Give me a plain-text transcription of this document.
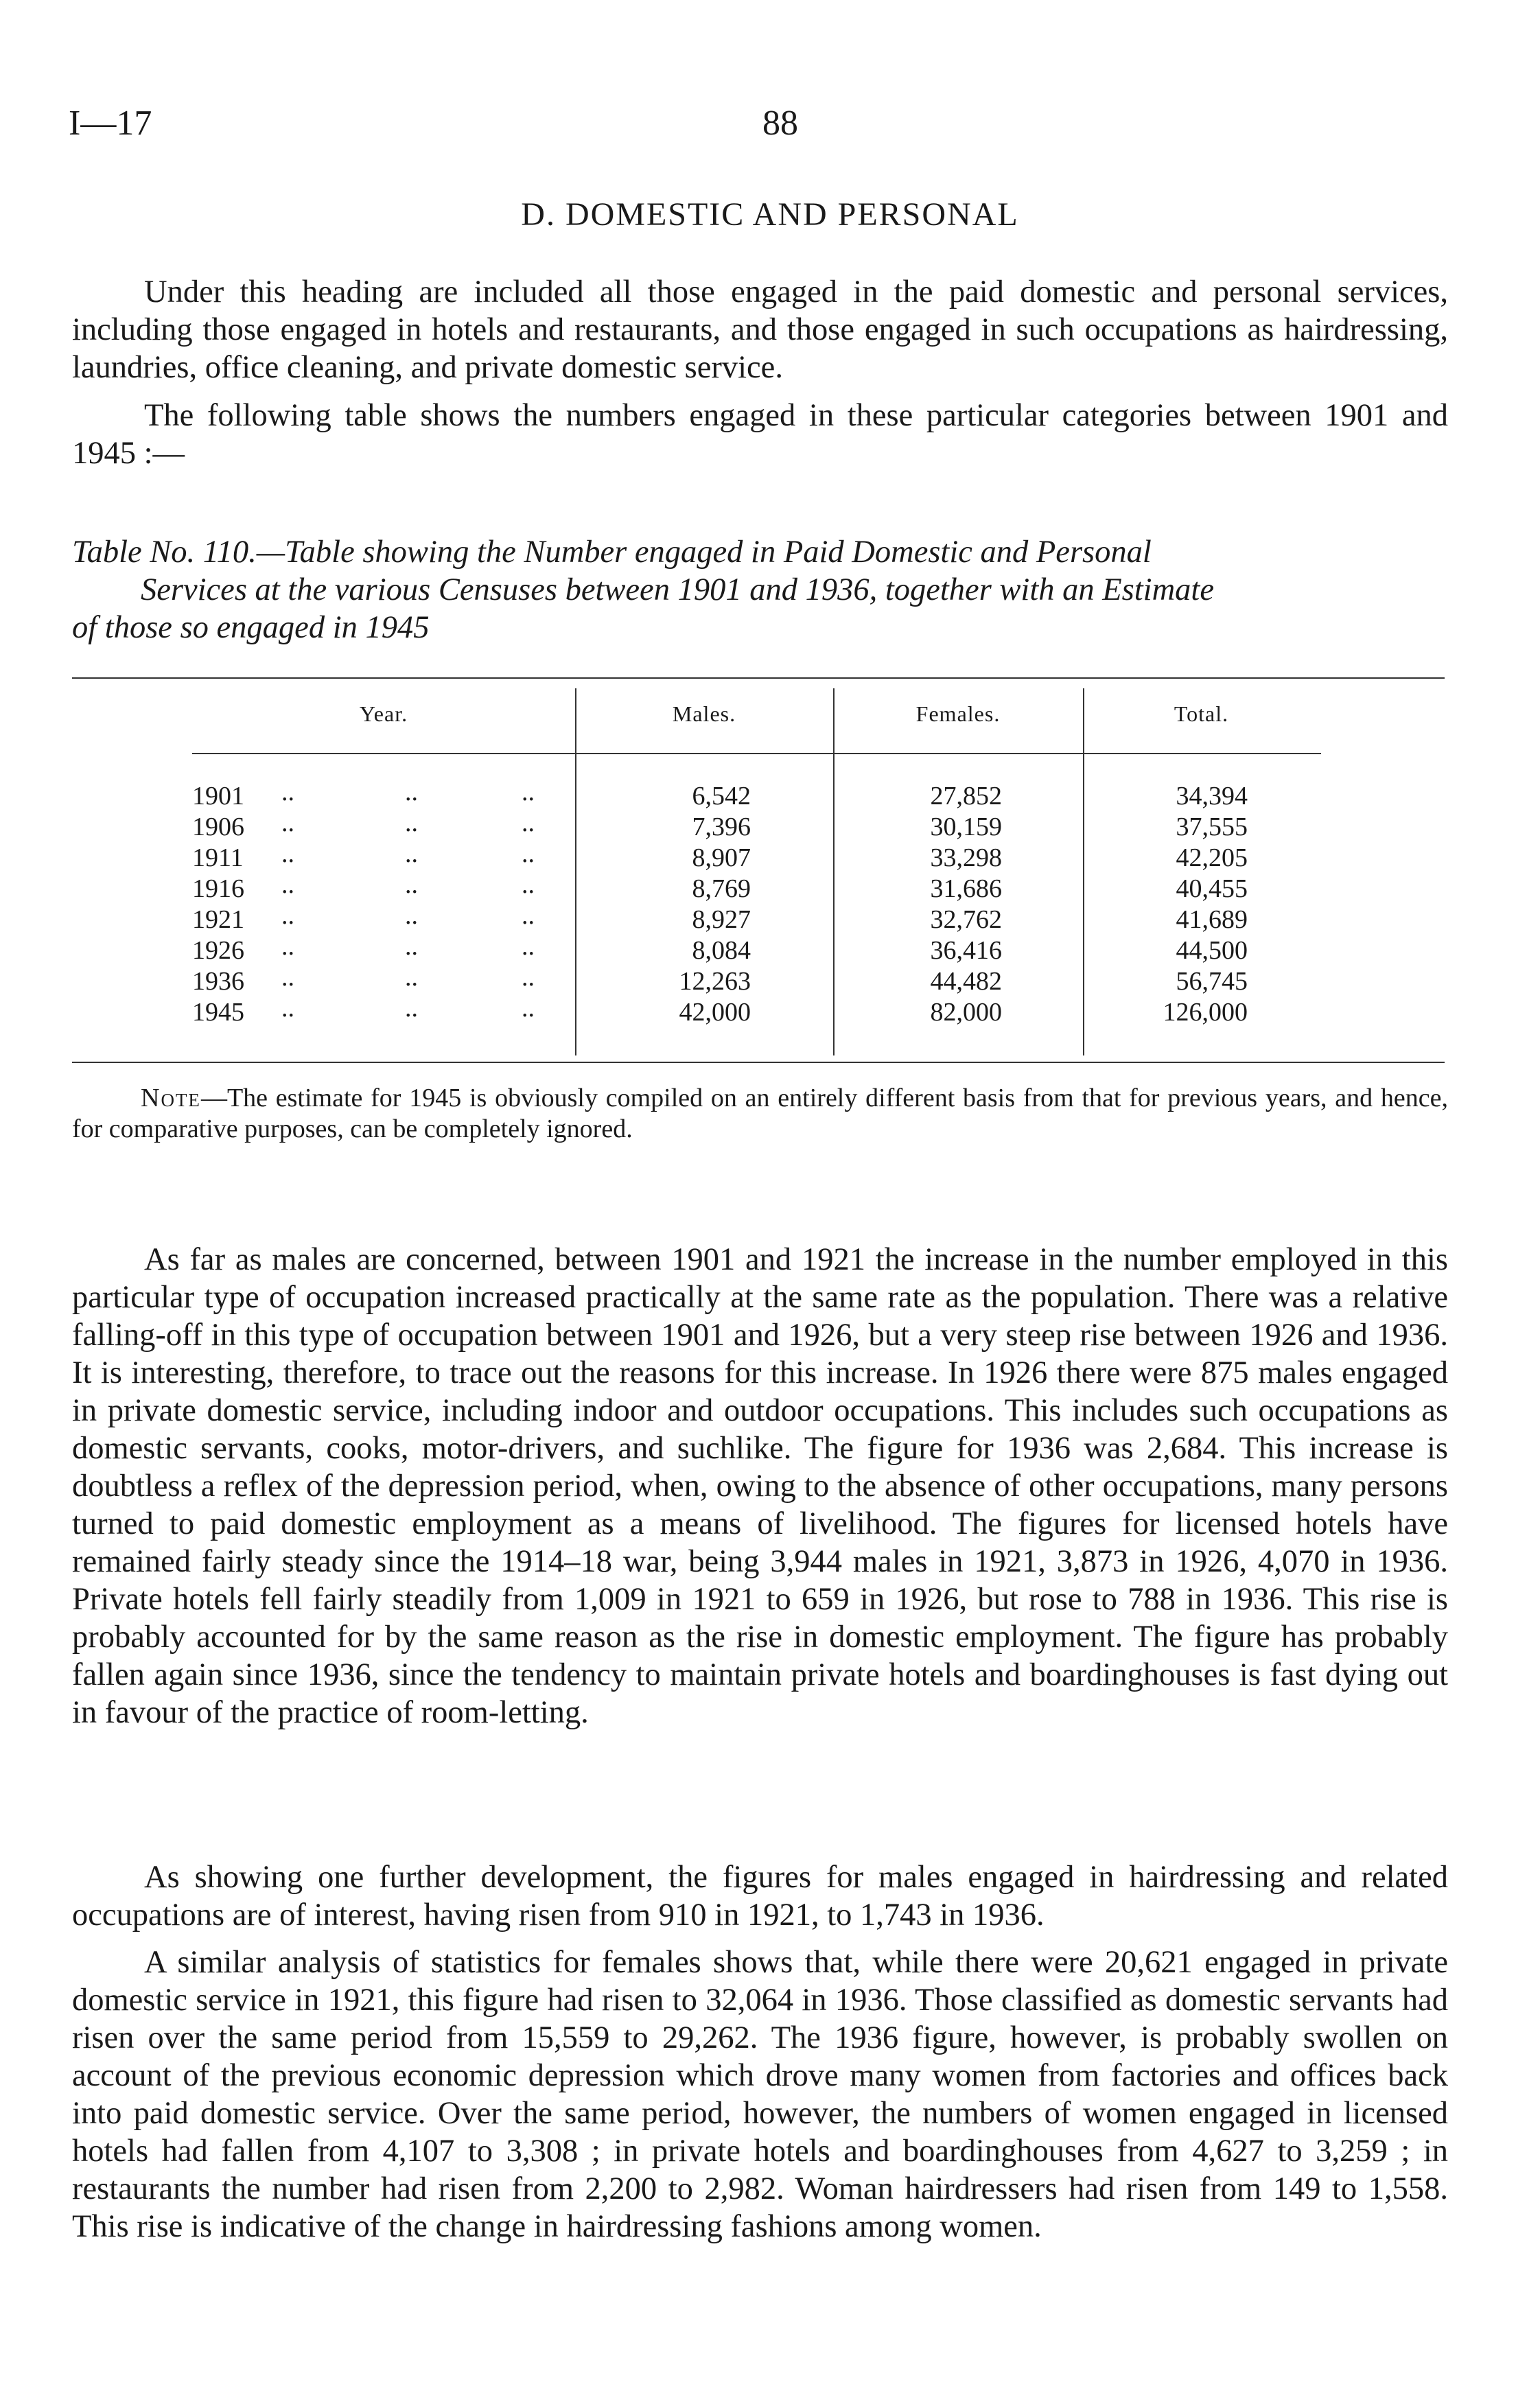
I—17	88
D. DOMESTIC AND PERSONAL

Under this heading are included all those engaged in the paid domestic and personal services, including those engaged in hotels and restaurants, and those engaged in such occupations as hairdressing, laundries, office cleaning, and private domestic service.

The following table shows the numbers engaged in these particular categories between 1901 and 1945 :—

Table No. 110.—Table showing the Number engaged in Paid Domestic and Personal
Services at the various Censuses between 1901 and 1936, together with an Estimate
of those so engaged in 1945

Year.	Males.	Females.	Total.
1901	..	..	..	6,542	27,852	34,394
1906	..	..	..	7,396	30,159	37,555
1911	..	..	..	8,907	33,298	42,205
1916	..	..	..	8,769	31,686	40,455
1921	..	..	..	8,927	32,762	41,689
1926	..	..	..	8,084	36,416	44,500
1936	..	..	..	12,263	44,482	56,745
1945	..	..	..	42,000	82,000	126,000

Note—The estimate for 1945 is obviously compiled on an entirely different basis from that for previous years, and hence, for comparative purposes, can be completely ignored.

As far as males are concerned, between 1901 and 1921 the increase in the number employed in this particular type of occupation increased practically at the same rate as the population. There was a relative falling-off in this type of occupation between 1901 and 1926, but a very steep rise between 1926 and 1936. It is interesting, therefore, to trace out the reasons for this increase. In 1926 there were 875 males engaged in private domestic service, including indoor and outdoor occupations. This includes such occupations as domestic servants, cooks, motor-drivers, and suchlike. The figure for 1936 was 2,684. This increase is doubtless a reflex of the depression period, when, owing to the absence of other occupations, many persons turned to paid domestic employment as a means of livelihood. The figures for licensed hotels have remained fairly steady since the 1914–18 war, being 3,944 males in 1921, 3,873 in 1926, 4,070 in 1936. Private hotels fell fairly steadily from 1,009 in 1921 to 659 in 1926, but rose to 788 in 1936. This rise is probably accounted for by the same reason as the rise in domestic employment. The figure has probably fallen again since 1936, since the tendency to maintain private hotels and boardinghouses is fast dying out in favour of the practice of room-letting.

As showing one further development, the figures for males engaged in hairdressing and related occupations are of interest, having risen from 910 in 1921, to 1,743 in 1936.

A similar analysis of statistics for females shows that, while there were 20,621 engaged in private domestic service in 1921, this figure had risen to 32,064 in 1936. Those classified as domestic servants had risen over the same period from 15,559 to 29,262. The 1936 figure, however, is probably swollen on account of the previous economic depression which drove many women from factories and offices back into paid domestic service. Over the same period, however, the numbers of women engaged in licensed hotels had fallen from 4,107 to 3,308 ; in private hotels and boardinghouses from 4,627 to 3,259 ; in restaurants the number had risen from 2,200 to 2,982. Woman hairdressers had risen from 149 to 1,558. This rise is indicative of the change in hairdressing fashions among women.
